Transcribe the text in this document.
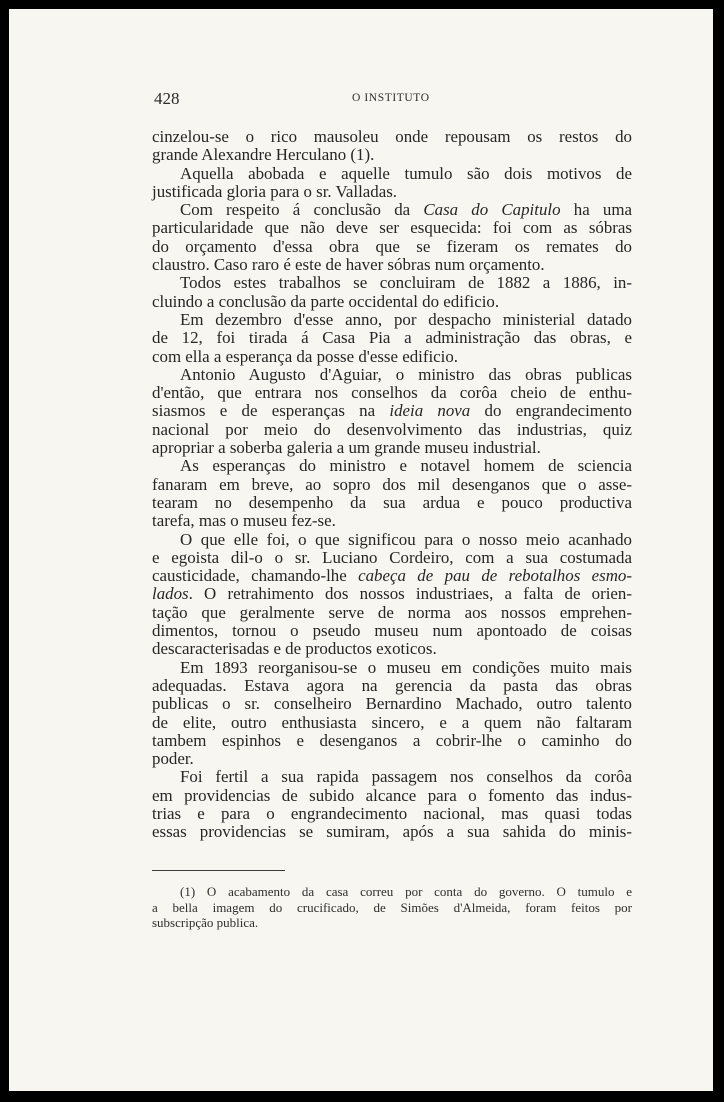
428	O INSTITUTO
cinzelou-se o rico mausoleu onde repousam os restos do
grande Alexandre Herculano (1).
Aquella abobada e aquelle tumulo são dois motivos de
justificada gloria para o sr. Valladas.
Com respeito á conclusão da Casa do Capitulo ha uma
particularidade que não deve ser esquecida: foi com as sóbras
do orçamento d'essa obra que se fizeram os remates do
claustro. Caso raro é este de haver sóbras num orçamento.
Todos estes trabalhos se concluiram de 1882 a 1886, in-
cluindo a conclusão da parte occidental do edificio.
Em dezembro d'esse anno, por despacho ministerial datado
de 12, foi tirada á Casa Pia a administração das obras, e
com ella a esperança da posse d'esse edificio.
Antonio Augusto d'Aguiar, o ministro das obras publicas
d'então, que entrara nos conselhos da corôa cheio de enthu-
siasmos e de esperanças na ideia nova do engrandecimento
nacional por meio do desenvolvimento das industrias, quiz
apropriar a soberba galeria a um grande museu industrial.
As esperanças do ministro e notavel homem de sciencia
fanaram em breve, ao sopro dos mil desenganos que o asse-
tearam no desempenho da sua ardua e pouco productiva
tarefa, mas o museu fez-se.
O que elle foi, o que significou para o nosso meio acanhado
e egoista dil-o o sr. Luciano Cordeiro, com a sua costumada
causticidade, chamando-lhe cabeça de pau de rebotalhos esmo-
lados. O retrahimento dos nossos industriaes, a falta de orien-
tação que geralmente serve de norma aos nossos emprehen-
dimentos, tornou o pseudo museu num apontoado de coisas
descaracterisadas e de productos exoticos.
Em 1893 reorganisou-se o museu em condições muito mais
adequadas. Estava agora na gerencia da pasta das obras
publicas o sr. conselheiro Bernardino Machado, outro talento
de elite, outro enthusiasta sincero, e a quem não faltaram
tambem espinhos e desenganos a cobrir-lhe o caminho do
poder.
Foi fertil a sua rapida passagem nos conselhos da corôa
em providencias de subido alcance para o fomento das indus-
trias e para o engrandecimento nacional, mas quasi todas
essas providencias se sumiram, após a sua sahida do minis-
(1) O acabamento da casa correu por conta do governo. O tumulo e
a bella imagem do crucificado, de Simões d'Almeida, foram feitos por
subscripção publica.
